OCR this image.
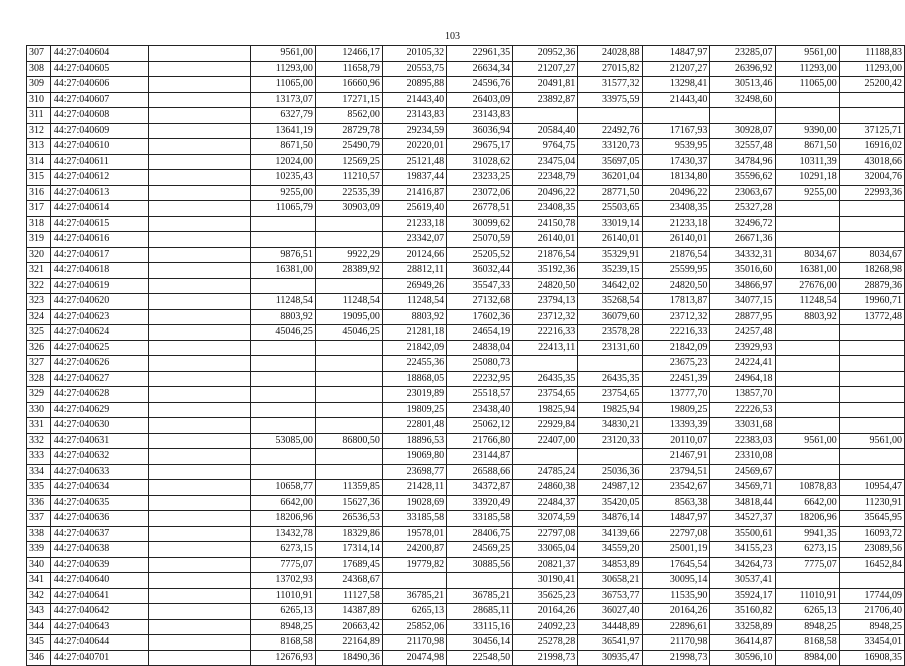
103
307	44:27:040604		9561,00	12466,17	20105,32	22961,35	20952,36	24028,88	14847,97	23285,07	9561,00	11188,83
308	44:27:040605		11293,00	11658,79	20553,75	26634,34	21207,27	27015,82	21207,27	26396,92	11293,00	11293,00
309	44:27:040606		11065,00	16660,96	20895,88	24596,76	20491,81	31577,32	13298,41	30513,46	11065,00	25200,42
310	44:27:040607		13173,07	17271,15	21443,40	26403,09	23892,87	33975,59	21443,40	32498,60		
311	44:27:040608		6327,79	8562,00	23143,83	23143,83						
312	44:27:040609		13641,19	28729,78	29234,59	36036,94	20584,40	22492,76	17167,93	30928,07	9390,00	37125,71
313	44:27:040610		8671,50	25490,79	20220,01	29675,17	9764,75	33120,73	9539,95	32557,48	8671,50	16916,02
314	44:27:040611		12024,00	12569,25	25121,48	31028,62	23475,04	35697,05	17430,37	34784,96	10311,39	43018,66
315	44:27:040612		10235,43	11210,57	19837,44	23233,25	22348,79	36201,04	18134,80	35596,62	10291,18	32004,76
316	44:27:040613		9255,00	22535,39	21416,87	23072,06	20496,22	28771,50	20496,22	23063,67	9255,00	22993,36
317	44:27:040614		11065,79	30903,09	25619,40	26778,51	23408,35	25503,65	23408,35	25327,28		
318	44:27:040615				21233,18	30099,62	24150,78	33019,14	21233,18	32496,72		
319	44:27:040616				23342,07	25070,59	26140,01	26140,01	26140,01	26671,36		
320	44:27:040617		9876,51	9922,29	20124,66	25205,52	21876,54	35329,91	21876,54	34332,31	8034,67	8034,67
321	44:27:040618		16381,00	28389,92	28812,11	36032,44	35192,36	35239,15	25599,95	35016,60	16381,00	18268,98
322	44:27:040619				26949,26	35547,33	24820,50	34642,02	24820,50	34866,97	27676,00	28879,36
323	44:27:040620		11248,54	11248,54	11248,54	27132,68	23794,13	35268,54	17813,87	34077,15	11248,54	19960,71
324	44:27:040623		8803,92	19095,00	8803,92	17602,36	23712,32	36079,60	23712,32	28877,95	8803,92	13772,48
325	44:27:040624		45046,25	45046,25	21281,18	24654,19	22216,33	23578,28	22216,33	24257,48		
326	44:27:040625				21842,09	24838,04	22413,11	23131,60	21842,09	23929,93		
327	44:27:040626				22455,36	25080,73			23675,23	24224,41		
328	44:27:040627				18868,05	22232,95	26435,35	26435,35	22451,39	24964,18		
329	44:27:040628				23019,89	25518,57	23754,65	23754,65	13777,70	13857,70		
330	44:27:040629				19809,25	23438,40	19825,94	19825,94	19809,25	22226,53		
331	44:27:040630				22801,48	25062,12	22929,84	34830,21	13393,39	33031,68		
332	44:27:040631		53085,00	86800,50	18896,53	21766,80	22407,00	23120,33	20110,07	22383,03	9561,00	9561,00
333	44:27:040632				19069,80	23144,87			21467,91	23310,08		
334	44:27:040633				23698,77	26588,66	24785,24	25036,36	23794,51	24569,67		
335	44:27:040634		10658,77	11359,85	21428,11	34372,87	24860,38	24987,12	23542,67	34569,71	10878,83	10954,47
336	44:27:040635		6642,00	15627,36	19028,69	33920,49	22484,37	35420,05	8563,38	34818,44	6642,00	11230,91
337	44:27:040636		18206,96	26536,53	33185,58	33185,58	32074,59	34876,14	14847,97	34527,37	18206,96	35645,95
338	44:27:040637		13432,78	18329,86	19578,01	28406,75	22797,08	34139,66	22797,08	35500,61	9941,35	16093,72
339	44:27:040638		6273,15	17314,14	24200,87	24569,25	33065,04	34559,20	25001,19	34155,23	6273,15	23089,56
340	44:27:040639		7775,07	17689,45	19779,82	30885,56	20821,37	34853,89	17645,54	34264,73	7775,07	16452,84
341	44:27:040640		13702,93	24368,67			30190,41	30658,21	30095,14	30537,41		
342	44:27:040641		11010,91	11127,58	36785,21	36785,21	35625,23	36753,77	11535,90	35924,17	11010,91	17744,09
343	44:27:040642		6265,13	14387,89	6265,13	28685,11	20164,26	36027,40	20164,26	35160,82	6265,13	21706,40
344	44:27:040643		8948,25	20663,42	25852,06	33115,16	24092,23	34448,89	22896,61	33258,89	8948,25	8948,25
345	44:27:040644		8168,58	22164,89	21170,98	30456,14	25278,28	36541,97	21170,98	36414,87	8168,58	33454,01
346	44:27:040701		12676,93	18490,36	20474,98	22548,50	21998,73	30935,47	21998,73	30596,10	8984,00	16908,35
